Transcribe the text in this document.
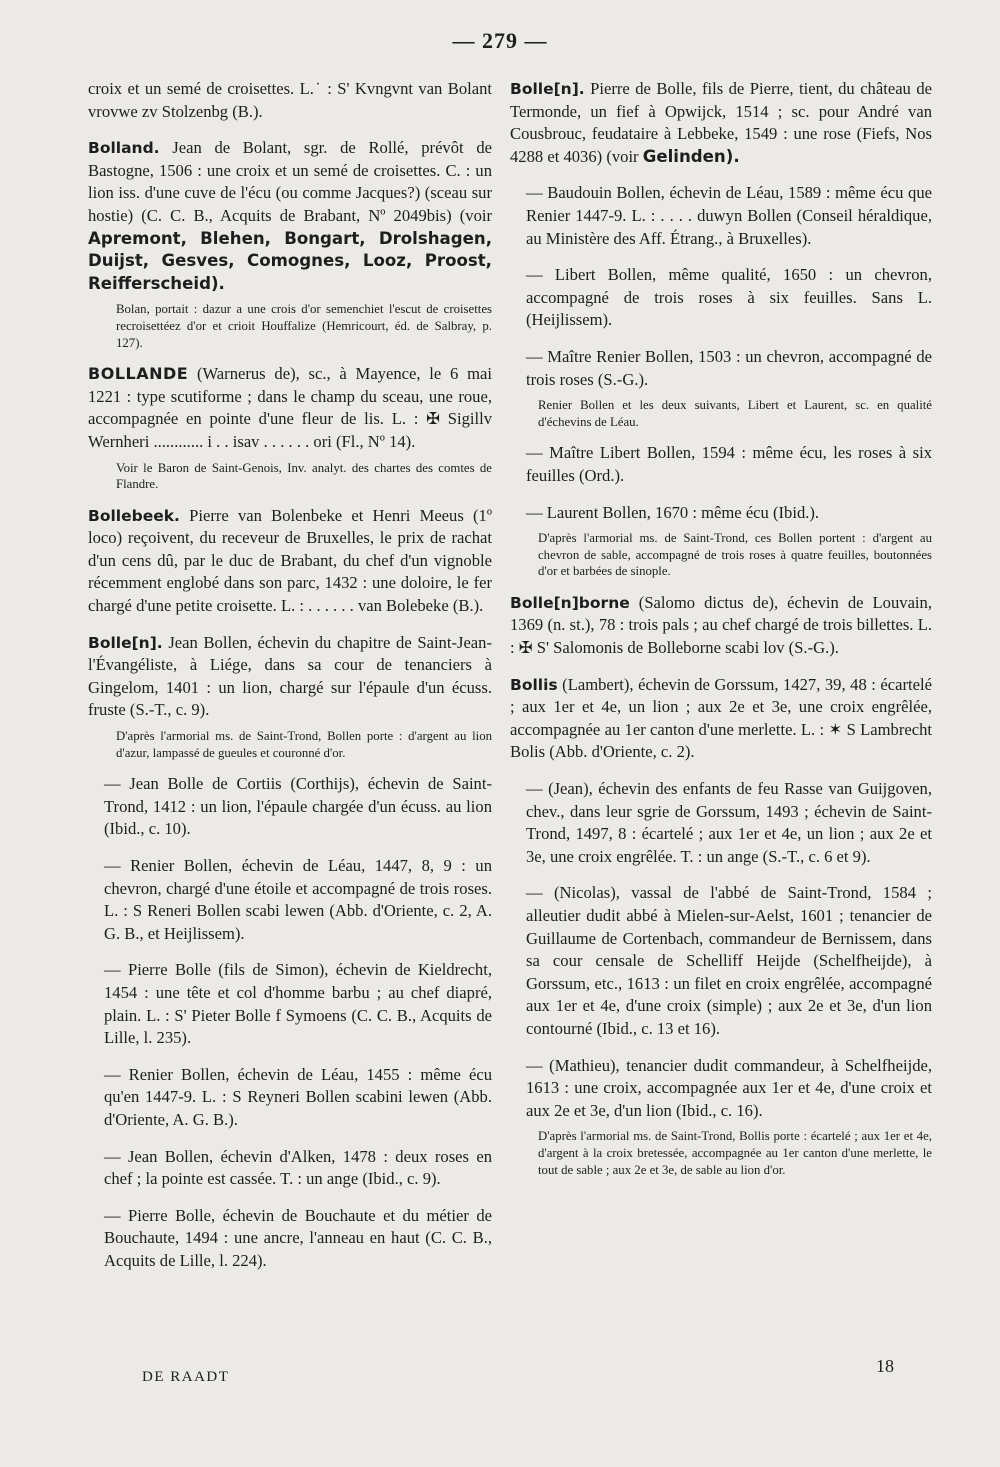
— 279 —

croix et un semé de croisettes. L.˙ : S' Kvngvnt van Bolant vrovwe zv Stolzenbg (B.).

Bolland. Jean de Bolant, sgr. de Rollé, prévôt de Bastogne, 1506 : une croix et un semé de croisettes. C. : un lion iss. d'une cuve de l'écu (ou comme Jacques?) (sceau sur hostie) (C. C. B., Acquits de Brabant, Nº 2049bis) (voir Apremont, Blehen, Bongart, Drolshagen, Duijst, Gesves, Comognes, Looz, Proost, Reifferscheid).

Bolan, portait : dazur a une crois d'or semenchiet l'escut de croisettes recroisettéez d'or et crioit Houffalize (Hemricourt, éd. de Salbray, p. 127).

BOLLANDE (Warnerus de), sc., à Mayence, le 6 mai 1221 : type scutiforme ; dans le champ du sceau, une roue, accompagnée en pointe d'une fleur de lis. L. : ✠ Sigillv Wernheri ............ i . . isav . . . . . . ori (Fl., Nº 14).

Voir le Baron de Saint-Genois, Inv. analyt. des chartes des comtes de Flandre.

Bollebeek. Pierre van Bolenbeke et Henri Meeus (1º loco) reçoivent, du receveur de Bruxelles, le prix de rachat d'un cens dû, par le duc de Brabant, du chef d'un vignoble récemment englobé dans son parc, 1432 : une doloire, le fer chargé d'une petite croisette. L. : . . . . . . van Bolebeke (B.).

Bolle[n]. Jean Bollen, échevin du chapitre de Saint-Jean-l'Évangéliste, à Liége, dans sa cour de tenanciers à Gingelom, 1401 : un lion, chargé sur l'épaule d'un écuss. fruste (S.-T., c. 9).

D'après l'armorial ms. de Saint-Trond, Bollen porte : d'argent au lion d'azur, lampassé de gueules et couronné d'or.

— Jean Bolle de Cortiis (Corthijs), échevin de Saint-Trond, 1412 : un lion, l'épaule chargée d'un écuss. au lion (Ibid., c. 10).

— Renier Bollen, échevin de Léau, 1447, 8, 9 : un chevron, chargé d'une étoile et accompagné de trois roses. L. : S Reneri Bollen scabi lewen (Abb. d'Oriente, c. 2, A. G. B., et Heijlissem).

— Pierre Bolle (fils de Simon), échevin de Kieldrecht, 1454 : une tête et col d'homme barbu ; au chef diapré, plain. L. : S' Pieter Bolle f Symoens (C. C. B., Acquits de Lille, l. 235).

— Renier Bollen, échevin de Léau, 1455 : même écu qu'en 1447-9. L. : S Reyneri Bollen scabini lewen (Abb. d'Oriente, A. G. B.).

— Jean Bollen, échevin d'Alken, 1478 : deux roses en chef ; la pointe est cassée. T. : un ange (Ibid., c. 9).

— Pierre Bolle, échevin de Bouchaute et du métier de Bouchaute, 1494 : une ancre, l'anneau en haut (C. C. B., Acquits de Lille, l. 224).

Bolle[n]. Pierre de Bolle, fils de Pierre, tient, du château de Termonde, un fief à Opwijck, 1514 ; sc. pour André van Cousbrouc, feudataire à Lebbeke, 1549 : une rose (Fiefs, Nos 4288 et 4036) (voir Gelinden).

— Baudouin Bollen, échevin de Léau, 1589 : même écu que Renier 1447-9. L. : . . . . duwyn Bollen (Conseil héraldique, au Ministère des Aff. Étrang., à Bruxelles).

— Libert Bollen, même qualité, 1650 : un chevron, accompagné de trois roses à six feuilles. Sans L. (Heijlissem).

— Maître Renier Bollen, 1503 : un chevron, accompagné de trois roses (S.-G.).

Renier Bollen et les deux suivants, Libert et Laurent, sc. en qualité d'échevins de Léau.

— Maître Libert Bollen, 1594 : même écu, les roses à six feuilles (Ord.).

— Laurent Bollen, 1670 : même écu (Ibid.).

D'après l'armorial ms. de Saint-Trond, ces Bollen portent : d'argent au chevron de sable, accompagné de trois roses à quatre feuilles, boutonnées d'or et barbées de sinople.

Bolle[n]borne (Salomo dictus de), échevin de Louvain, 1369 (n. st.), 78 : trois pals ; au chef chargé de trois billettes. L. : ✠ S' Salomonis de Bolleborne scabi lov (S.-G.).

Bollis (Lambert), échevin de Gorssum, 1427, 39, 48 : écartelé ; aux 1er et 4e, un lion ; aux 2e et 3e, une croix engrêlée, accompagnée au 1er canton d'une merlette. L. : ✶ S Lambrecht Bolis (Abb. d'Oriente, c. 2).

— (Jean), échevin des enfants de feu Rasse van Guijgoven, chev., dans leur sgrie de Gorssum, 1493 ; échevin de Saint-Trond, 1497, 8 : écartelé ; aux 1er et 4e, un lion ; aux 2e et 3e, une croix engrêlée. T. : un ange (S.-T., c. 6 et 9).

— (Nicolas), vassal de l'abbé de Saint-Trond, 1584 ; alleutier dudit abbé à Mielen-sur-Aelst, 1601 ; tenancier de Guillaume de Cortenbach, commandeur de Bernissem, dans sa cour censale de Schelliff Heijde (Schelfheijde), à Gorssum, etc., 1613 : un filet en croix engrêlée, accompagné aux 1er et 4e, d'une croix (simple) ; aux 2e et 3e, d'un lion contourné (Ibid., c. 13 et 16).

— (Mathieu), tenancier dudit commandeur, à Schelfheijde, 1613 : une croix, accompagnée aux 1er et 4e, d'une croix et aux 2e et 3e, d'un lion (Ibid., c. 16).

D'après l'armorial ms. de Saint-Trond, Bollis porte : écartelé ; aux 1er et 4e, d'argent à la croix bretessée, accompagnée au 1er canton d'une merlette, le tout de sable ; aux 2e et 3e, de sable au lion d'or.

DE RAADT
18
